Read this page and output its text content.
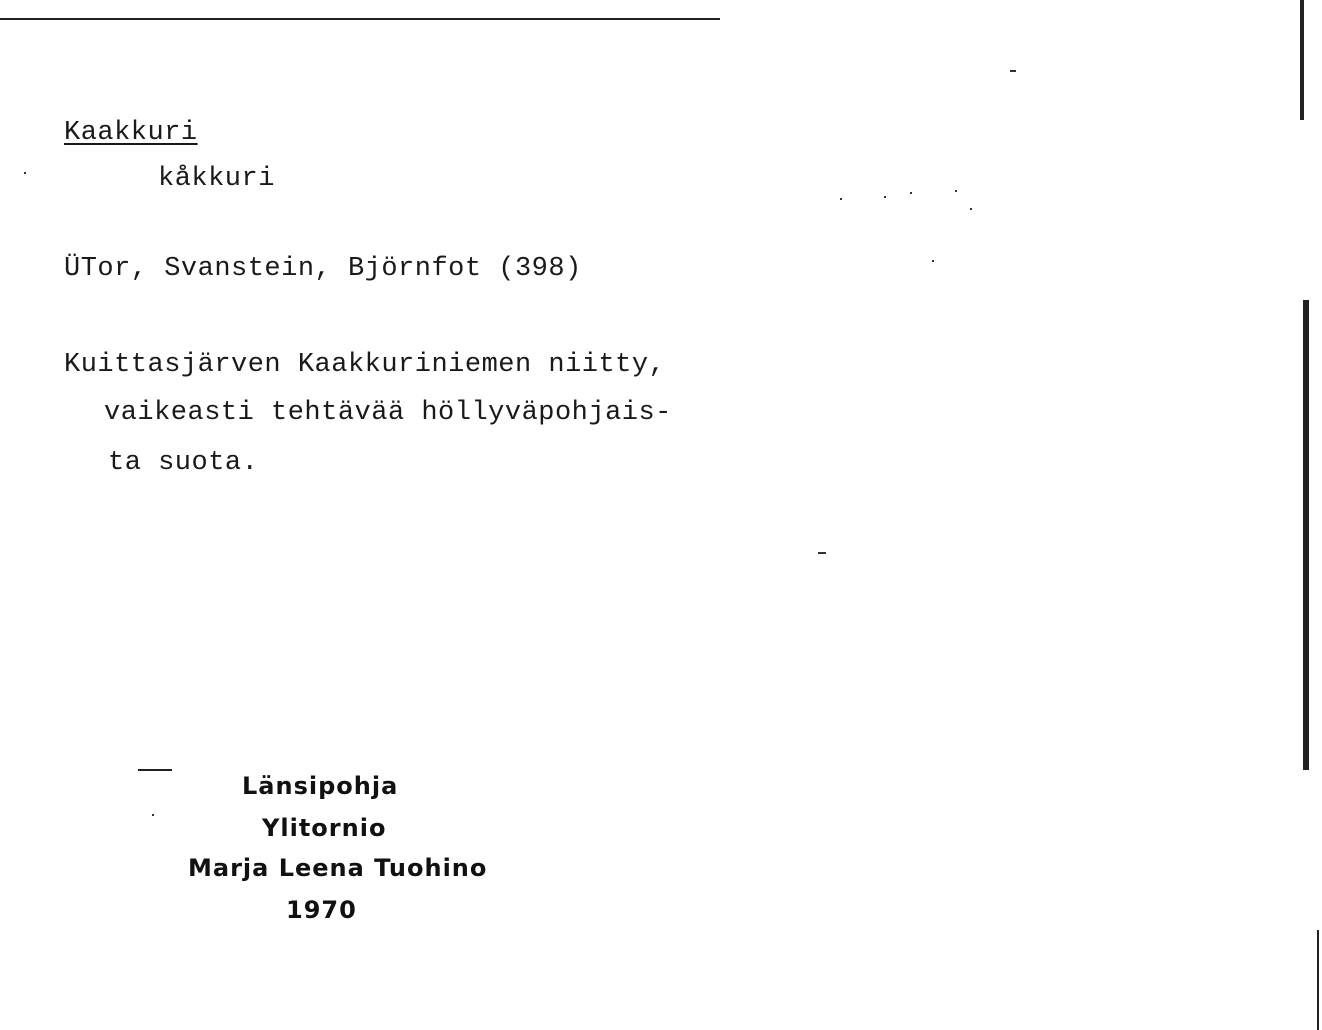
Kaakkuri
kåkkuri
ÜTor, Svanstein, Björnfot (398)
Kuittasjärven Kaakkuriniemen niitty,
vaikeasti tehtävää höllyväpohjais-
ta suota.
Länsipohja
Ylitornio
Marja Leena Tuohino
1970
